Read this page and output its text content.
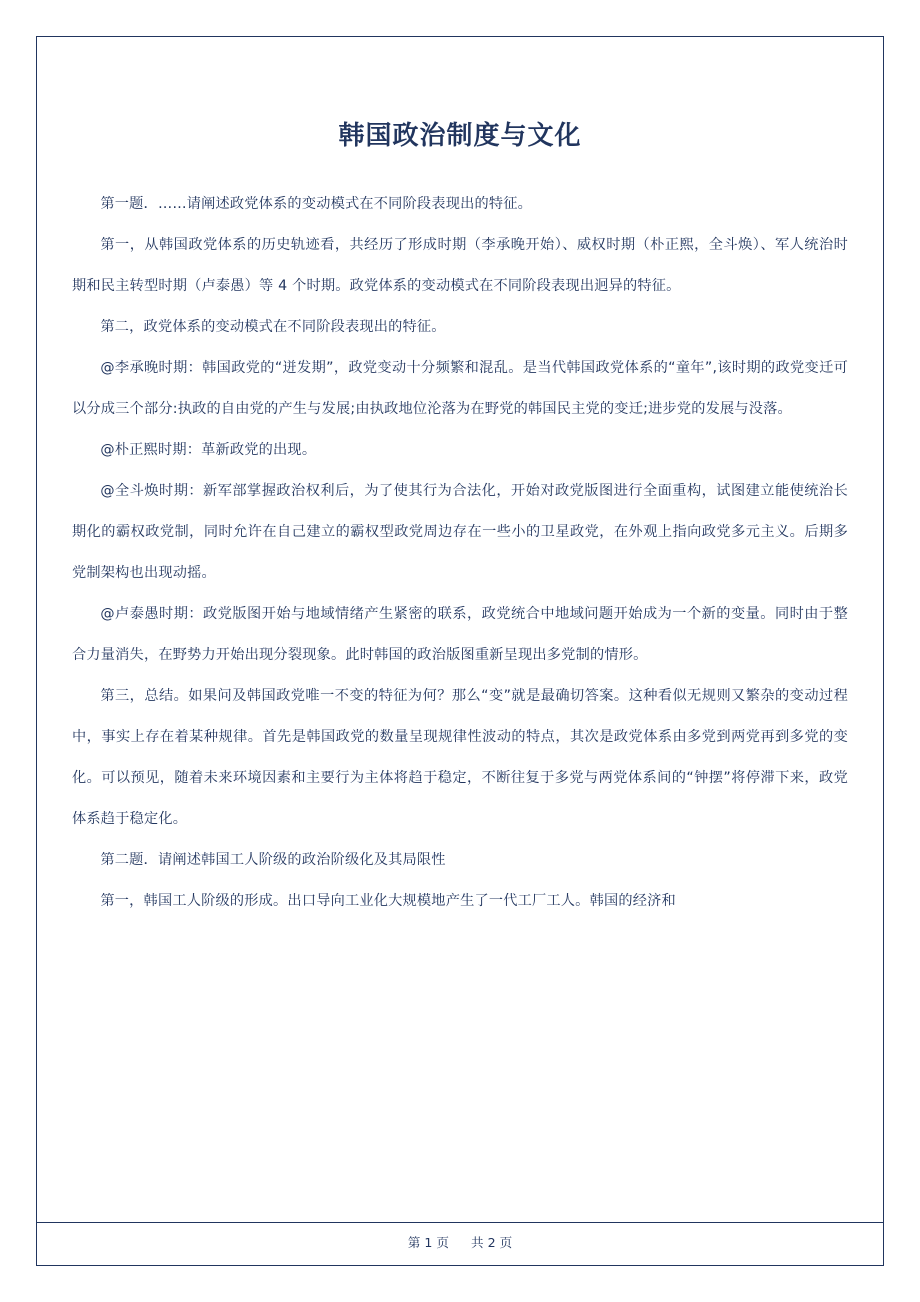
韩国政治制度与文化

第一题．……请阐述政党体系的变动模式在不同阶段表现出的特征。

第一，从韩国政党体系的历史轨迹看，共经历了形成时期（李承晚开始）、威权时期（朴正熙，全斗焕）、军人统治时期和民主转型时期（卢泰愚）等 4 个时期。政党体系的变动模式在不同阶段表现出迥异的特征。

第二，政党体系的变动模式在不同阶段表现出的特征。

@李承晚时期：韩国政党的“迸发期”，政党变动十分频繁和混乱。是当代韩国政党体系的“童年”,该时期的政党变迁可以分成三个部分:执政的自由党的产生与发展;由执政地位沦落为在野党的韩国民主党的变迁;进步党的发展与没落。

@朴正熙时期：革新政党的出现。

@全斗焕时期：新军部掌握政治权利后，为了使其行为合法化，开始对政党版图进行全面重构，试图建立能使统治长期化的霸权政党制，同时允许在自己建立的霸权型政党周边存在一些小的卫星政党，在外观上指向政党多元主义。后期多党制架构也出现动摇。

@卢泰愚时期：政党版图开始与地域情绪产生紧密的联系，政党统合中地域问题开始成为一个新的变量。同时由于整合力量消失，在野势力开始出现分裂现象。此时韩国的政治版图重新呈现出多党制的情形。

第三，总结。如果问及韩国政党唯一不变的特征为何？那么“变”就是最确切答案。这种看似无规则又繁杂的变动过程中，事实上存在着某种规律。首先是韩国政党的数量呈现规律性波动的特点，其次是政党体系由多党到两党再到多党的变化。可以预见，随着未来环境因素和主要行为主体将趋于稳定，不断往复于多党与两党体系间的“钟摆”将停滞下来，政党体系趋于稳定化。

第二题．请阐述韩国工人阶级的政治阶级化及其局限性

第一，韩国工人阶级的形成。出口导向工业化大规模地产生了一代工厂工人。韩国的经济和

第 1 页 共 2 页
